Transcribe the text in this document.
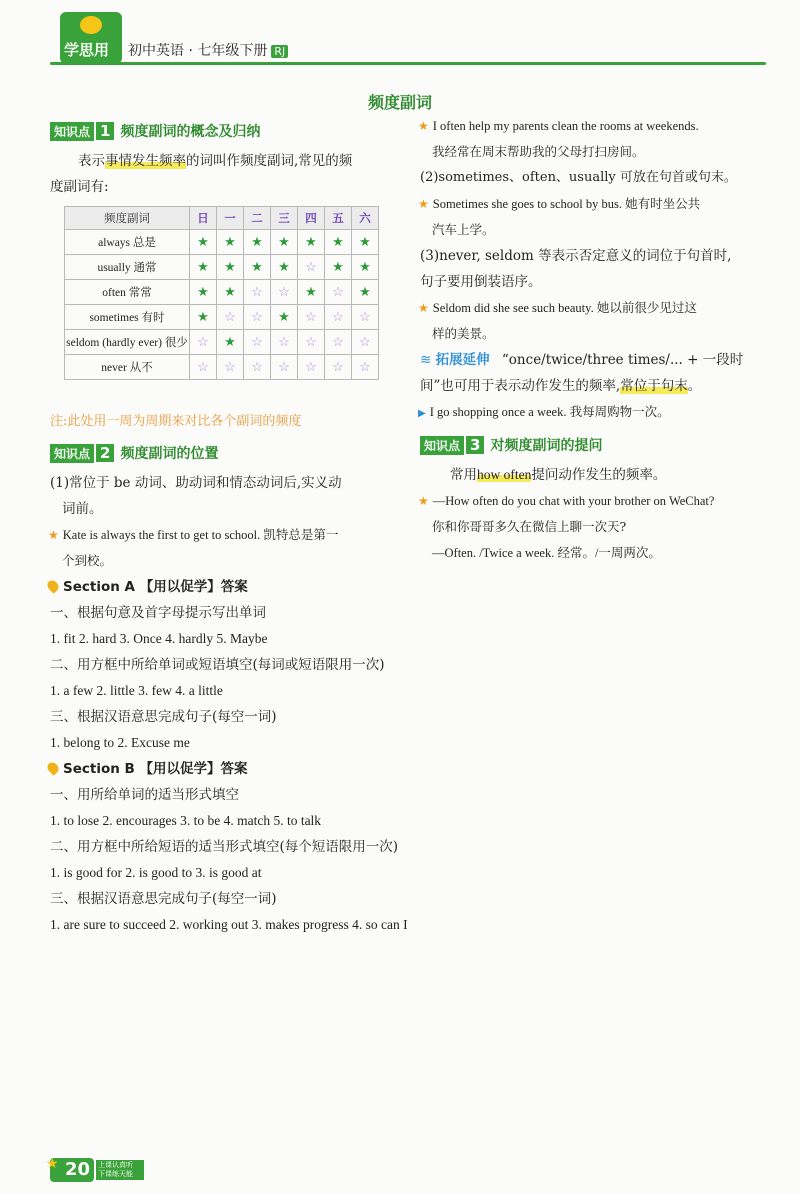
学思用 初中英语 · 七年级下册 RJ
频度副词
知识点 1 频度副词的概念及归纳
表示事情发生频率的词叫作频度副词,常见的频
度副词有:
频度副词	日	一	二	三	四	五	六
always 总是	★	★	★	★	★	★	★
usually 通常	★	★	★	★	☆	★	★
often 常常	★	★	☆	☆	★	☆	★
sometimes 有时	★	☆	☆	★	☆	☆	☆
seldom (hardly ever) 很少	☆	★	☆	☆	☆	☆	☆
never 从不	☆	☆	☆	☆	☆	☆	☆
注:此处用一周为周期来对比各个副词的频度
知识点 2 频度副词的位置
(1)常位于 be 动词、助动词和情态动词后,实义动
词前。
★ Kate is always the first to get to school. 凯特总是第一
个到校。
Section A 【用以促学】答案
一、根据句意及首字母提示写出单词
1. fit 2. hard 3. Once 4. hardly 5. Maybe
二、用方框中所给单词或短语填空(每词或短语限用一次)
1. a few 2. little 3. few 4. a little
三、根据汉语意思完成句子(每空一词)
1. belong to 2. Excuse me
Section B 【用以促学】答案
一、用所给单词的适当形式填空
1. to lose 2. encourages 3. to be 4. match 5. to talk
二、用方框中所给短语的适当形式填空(每个短语限用一次)
1. is good for 2. is good to 3. is good at
三、根据汉语意思完成句子(每空一词)
1. are sure to succeed 2. working out 3. makes progress 4. so can I
★ I often help my parents clean the rooms at weekends.
我经常在周末帮助我的父母打扫房间。
(2)sometimes、often、usually 可放在句首或句末。
★ Sometimes she goes to school by bus. 她有时坐公共
汽车上学。
(3)never, seldom 等表示否定意义的词位于句首时,
句子要用倒装语序。
★ Seldom did she see such beauty. 她以前很少见过这
样的美景。
≋ 拓展延伸 “once/twice/three times/... + 一段时
间”也可用于表示动作发生的频率,常位于句末。
▶ I go shopping once a week. 我每周购物一次。
知识点 3 对频度副词的提问
常用how often提问动作发生的频率。
★ —How often do you chat with your brother on WeChat?
你和你哥哥多久在微信上聊一次天?
—Often. /Twice a week. 经常。/一周两次。
20
★	上课认真听 下课练天能
